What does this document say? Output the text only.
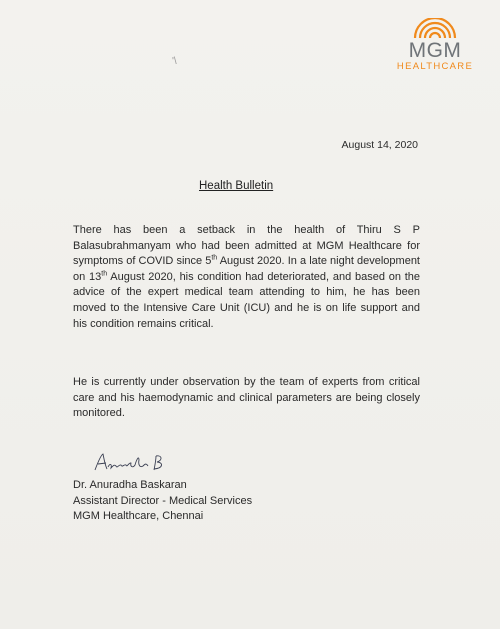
'\	MGM
HEALTHCARE
August 14, 2020
Health Bulletin
There has been a setback in the health of Thiru S P Balasubrahmanyam who had been admitted at MGM Healthcare for symptoms of COVID since 5th August 2020. In a late night development on 13th August 2020, his condition had deteriorated, and based on the advice of the expert medical team attending to him, he has been moved to the Intensive Care Unit (ICU) and he is on life support and his condition remains critical.
He is currently under observation by the team of experts from critical care and his haemodynamic and clinical parameters are being closely monitored.
Dr. Anuradha Baskaran
Assistant Director - Medical Services
MGM Healthcare, Chennai
